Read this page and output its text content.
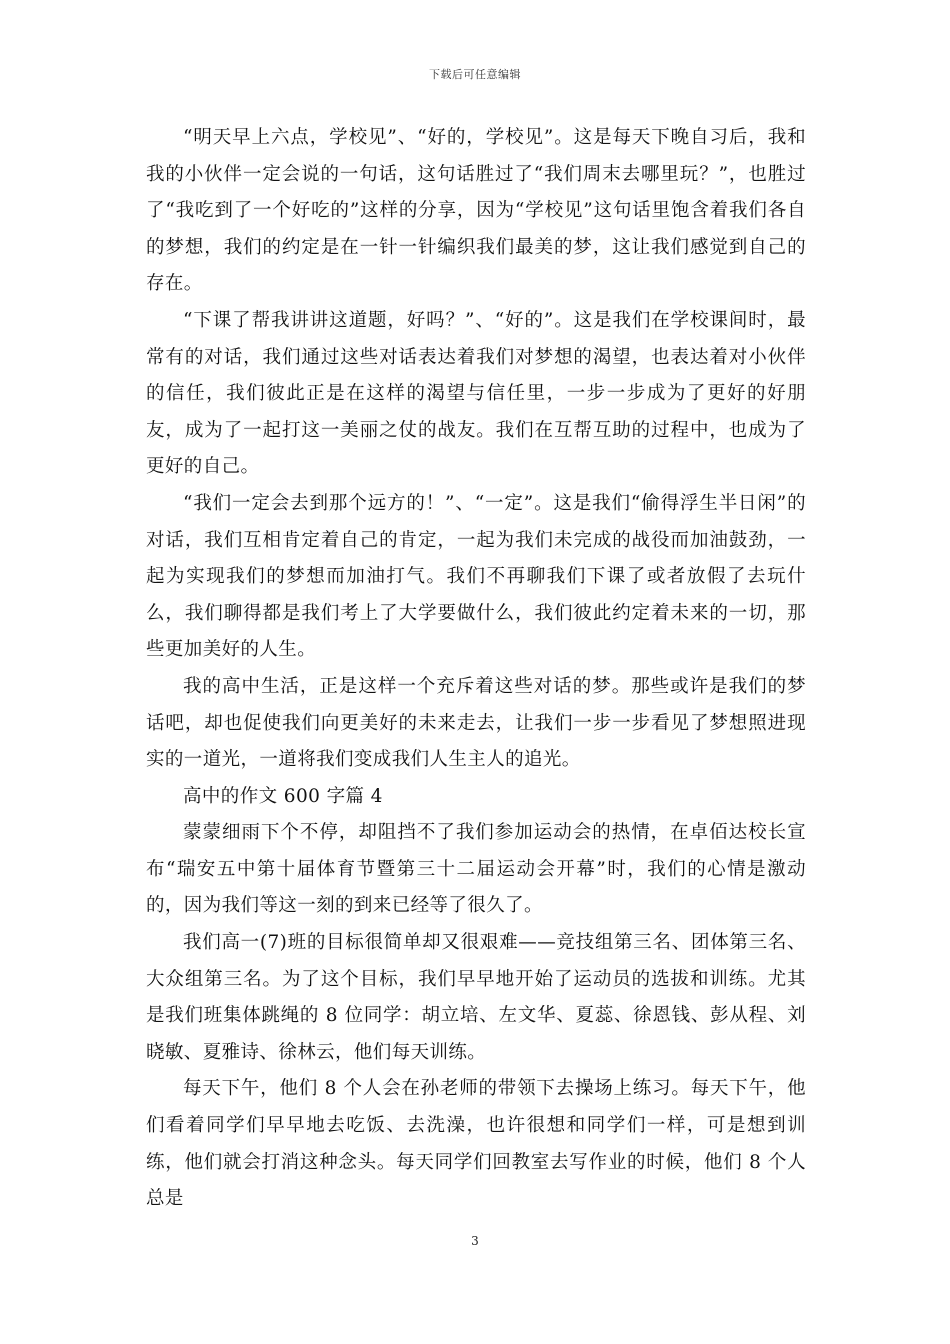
下载后可任意编辑

“明天早上六点，学校见”、“好的，学校见”。这是每天下晚自习后，我和我的小伙伴一定会说的一句话，这句话胜过了“我们周末去哪里玩？”，也胜过了“我吃到了一个好吃的”这样的分享，因为“学校见”这句话里饱含着我们各自的梦想，我们的约定是在一针一针编织我们最美的梦，这让我们感觉到自己的存在。

“下课了帮我讲讲这道题，好吗？”、“好的”。这是我们在学校课间时，最常有的对话，我们通过这些对话表达着我们对梦想的渴望，也表达着对小伙伴的信任，我们彼此正是在这样的渴望与信任里，一步一步成为了更好的好朋友，成为了一起打这一美丽之仗的战友。我们在互帮互助的过程中，也成为了更好的自己。

“我们一定会去到那个远方的！”、“一定”。这是我们“偷得浮生半日闲”的对话，我们互相肯定着自己的肯定，一起为我们未完成的战役而加油鼓劲，一起为实现我们的梦想而加油打气。我们不再聊我们下课了或者放假了去玩什么，我们聊得都是我们考上了大学要做什么，我们彼此约定着未来的一切，那些更加美好的人生。

我的高中生活，正是这样一个充斥着这些对话的梦。那些或许是我们的梦话吧，却也促使我们向更美好的未来走去，让我们一步一步看见了梦想照进现实的一道光，一道将我们变成我们人生主人的追光。

高中的作文 600 字篇 4

蒙蒙细雨下个不停，却阻挡不了我们参加运动会的热情，在卓佰达校长宣布“瑞安五中第十届体育节暨第三十二届运动会开幕”时，我们的心情是激动的，因为我们等这一刻的到来已经等了很久了。

我们高一(7)班的目标很简单却又很艰难——竞技组第三名、团体第三名、大众组第三名。为了这个目标，我们早早地开始了运动员的选拔和训练。尤其是我们班集体跳绳的 8 位同学：胡立培、左文华、夏蕊、徐恩钱、彭从程、刘晓敏、夏雅诗、徐林云，他们每天训练。

每天下午，他们 8 个人会在孙老师的带领下去操场上练习。每天下午，他们看着同学们早早地去吃饭、去洗澡，也许很想和同学们一样，可是想到训练，他们就会打消这种念头。每天同学们回教室去写作业的时候，他们 8 个人总是

3
